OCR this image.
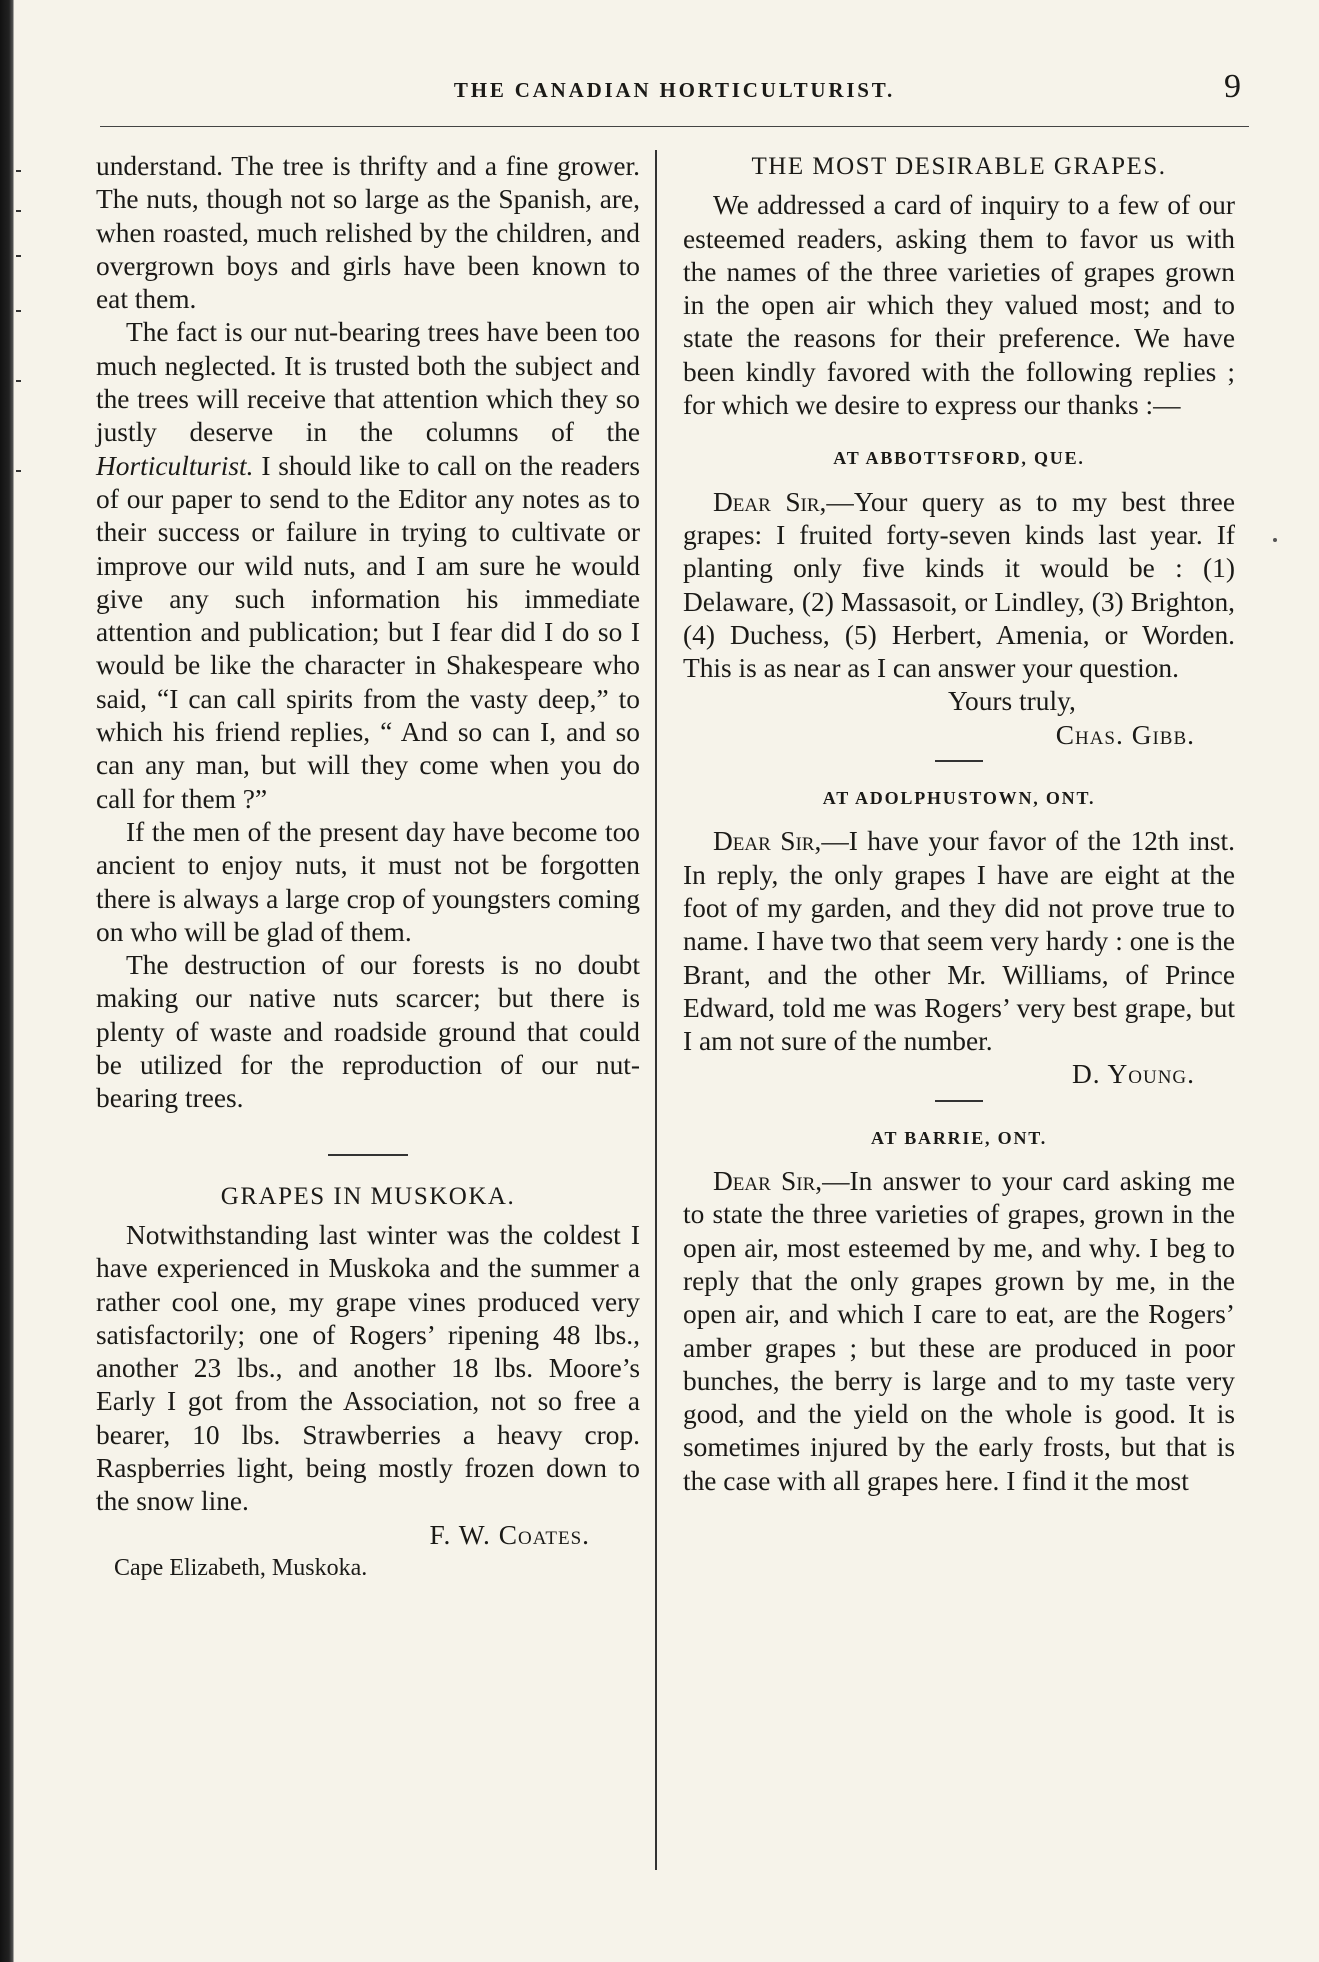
THE CANADIAN HORTICULTURIST.	9

understand. The tree is thrifty and a fine grower. The nuts, though not so large as the Spanish, are, when roasted, much relished by the children, and overgrown boys and girls have been known to eat them.

The fact is our nut-bearing trees have been too much neglected. It is trusted both the subject and the trees will receive that attention which they so justly deserve in the columns of the Horticulturist. I should like to call on the readers of our paper to send to the Editor any notes as to their success or failure in trying to cultivate or improve our wild nuts, and I am sure he would give any such information his immediate attention and publication; but I fear did I do so I would be like the character in Shakespeare who said, “I can call spirits from the vasty deep,” to which his friend replies, “ And so can I, and so can any man, but will they come when you do call for them ?”

If the men of the present day have become too ancient to enjoy nuts, it must not be forgotten there is always a large crop of youngsters coming on who will be glad of them.

The destruction of our forests is no doubt making our native nuts scarcer; but there is plenty of waste and roadside ground that could be utilized for the reproduction of our nut-bearing trees.

GRAPES IN MUSKOKA.

Notwithstanding last winter was the coldest I have experienced in Muskoka and the summer a rather cool one, my grape vines produced very satisfactorily; one of Rogers’ ripening 48 lbs., another 23 lbs., and another 18 lbs. Moore’s Early I got from the Association, not so free a bearer, 10 lbs. Strawberries a heavy crop. Raspberries light, being mostly frozen down to the snow line.

F. W. Coates.

Cape Elizabeth, Muskoka.

THE MOST DESIRABLE GRAPES.

We addressed a card of inquiry to a few of our esteemed readers, asking them to favor us with the names of the three varieties of grapes grown in the open air which they valued most; and to state the reasons for their preference. We have been kindly favored with the following replies ; for which we desire to express our thanks :—

AT ABBOTTSFORD, QUE.

Dear Sir,—Your query as to my best three grapes: I fruited forty-seven kinds last year. If planting only five kinds it would be : (1) Delaware, (2) Massasoit, or Lindley, (3) Brighton, (4) Duchess, (5) Herbert, Amenia, or Worden. This is as near as I can answer your question.

Yours truly,

Chas. Gibb.

AT ADOLPHUSTOWN, ONT.

Dear Sir,—I have your favor of the 12th inst. In reply, the only grapes I have are eight at the foot of my garden, and they did not prove true to name. I have two that seem very hardy : one is the Brant, and the other Mr. Williams, of Prince Edward, told me was Rogers’ very best grape, but I am not sure of the number.

D. Young.

AT BARRIE, ONT.

Dear Sir,—In answer to your card asking me to state the three varieties of grapes, grown in the open air, most esteemed by me, and why. I beg to reply that the only grapes grown by me, in the open air, and which I care to eat, are the Rogers’ amber grapes ; but these are produced in poor bunches, the berry is large and to my taste very good, and the yield on the whole is good. It is sometimes injured by the early frosts, but that is the case with all grapes here. I find it the most
